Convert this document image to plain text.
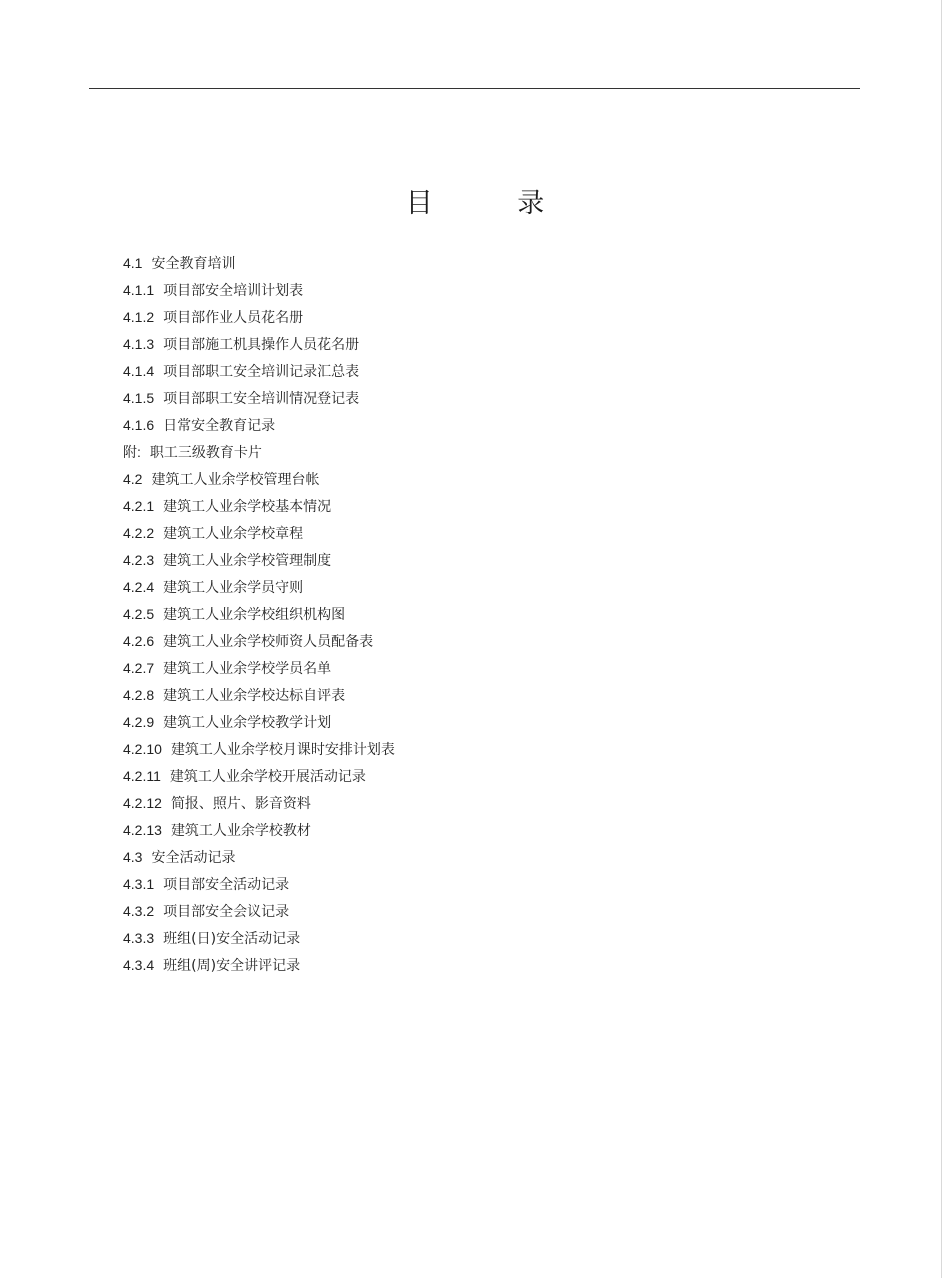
目 录
4.1 安全教育培训
4.1.1 项目部安全培训计划表
4.1.2 项目部作业人员花名册
4.1.3 项目部施工机具操作人员花名册
4.1.4 项目部职工安全培训记录汇总表
4.1.5 项目部职工安全培训情况登记表
4.1.6 日常安全教育记录
附: 职工三级教育卡片
4.2 建筑工人业余学校管理台帐
4.2.1 建筑工人业余学校基本情况
4.2.2 建筑工人业余学校章程
4.2.3 建筑工人业余学校管理制度
4.2.4 建筑工人业余学员守则
4.2.5 建筑工人业余学校组织机构图
4.2.6 建筑工人业余学校师资人员配备表
4.2.7 建筑工人业余学校学员名单
4.2.8 建筑工人业余学校达标自评表
4.2.9 建筑工人业余学校教学计划
4.2.10 建筑工人业余学校月课时安排计划表
4.2.11 建筑工人业余学校开展活动记录
4.2.12 简报、照片、影音资料
4.2.13 建筑工人业余学校教材
4.3 安全活动记录
4.3.1 项目部安全活动记录
4.3.2 项目部安全会议记录
4.3.3 班组(日)安全活动记录
4.3.4 班组(周)安全讲评记录
